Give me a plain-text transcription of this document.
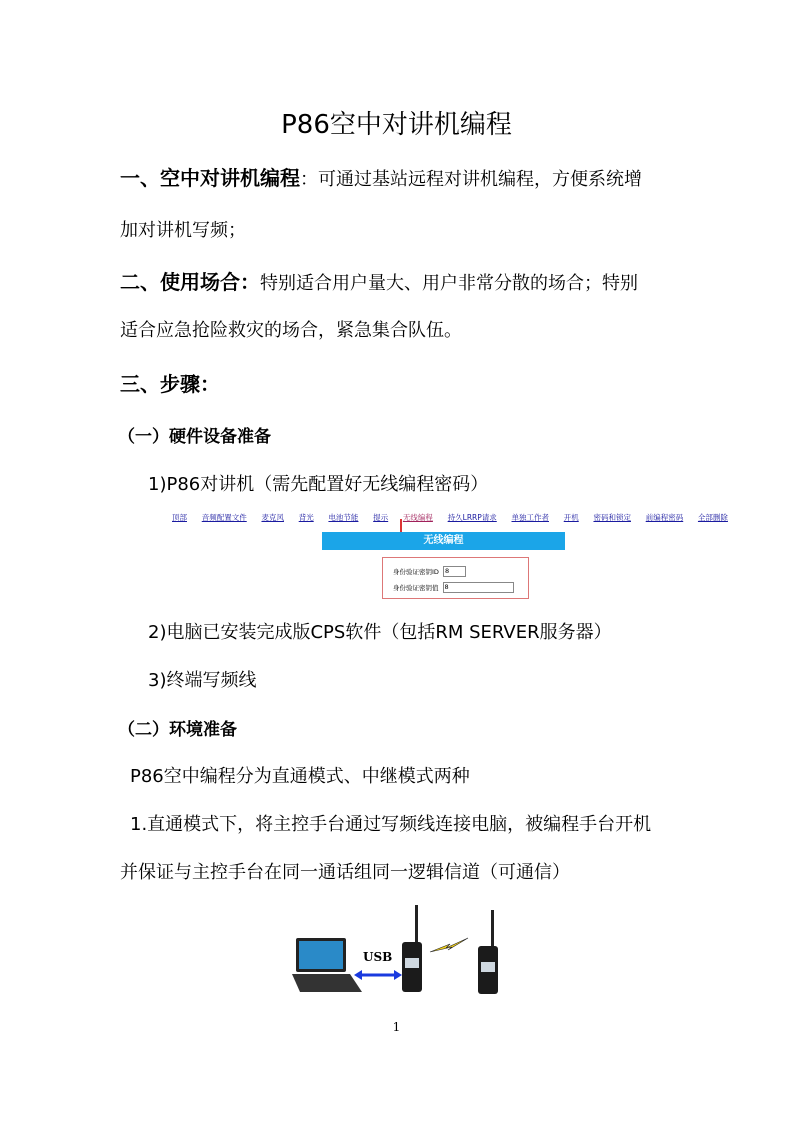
P86空中对讲机编程
一、空中对讲机编程：可通过基站远程对讲机编程，方便系统增
加对讲机写频；
二、使用场合：特别适合用户量大、用户非常分散的场合；特别
适合应急抢险救灾的场合，紧急集合队伍。
三、步骤：
（一）硬件设备准备
1)P86对讲机（需先配置好无线编程密码）
顶部 音频配置文件 麦克风 背光 电池节能 提示 无线编程 持久LRRP请求 单独工作者 开机 密码和锁定 前编程密码 全部删除
无线编程
身份验证密钥ID 8
身份验证密钥值 8
2)电脑已安装完成版CPS软件（包括RM SERVER服务器）
3)终端写频线
（二）环境准备
P86空中编程分为直通模式、中继模式两种
1.直通模式下，将主控手台通过写频线连接电脑，被编程手台开机
并保证与主控手台在同一通话组同一逻辑信道（可通信）
USB
1
